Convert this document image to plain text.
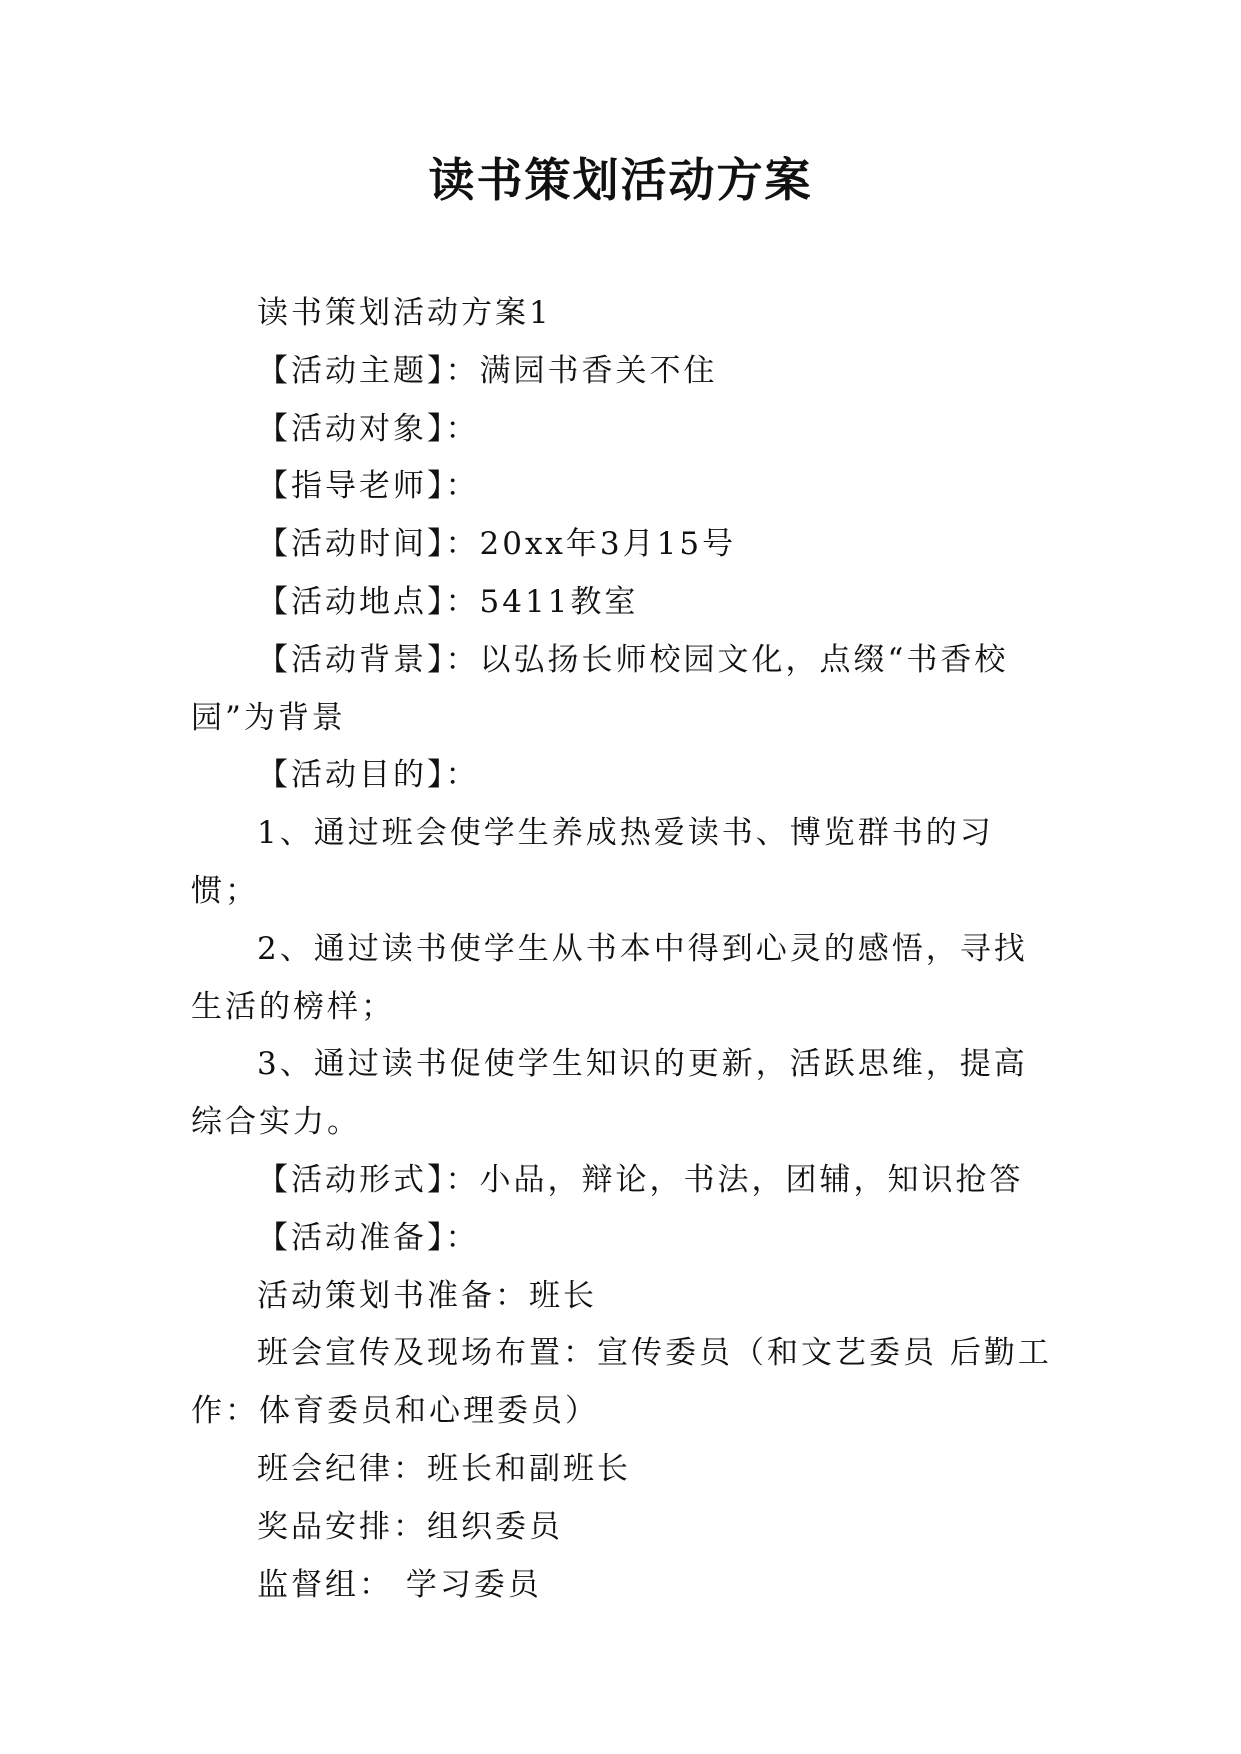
读书策划活动方案

读书策划活动方案1

【活动主题】：满园书香关不住

【活动对象】：

【指导老师】：

【活动时间】：20xx年3月15号

【活动地点】：5411教室

【活动背景】：以弘扬长师校园文化，点缀“书香校园”为背景

【活动目的】：

1、通过班会使学生养成热爱读书、博览群书的习惯；

2、通过读书使学生从书本中得到心灵的感悟，寻找生活的榜样；

3、通过读书促使学生知识的更新，活跃思维，提高综合实力。

【活动形式】：小品，辩论，书法，团辅，知识抢答

【活动准备】：

活动策划书准备：班长

班会宣传及现场布置：宣传委员（和文艺委员 后勤工作：体育委员和心理委员）

班会纪律：班长和副班长

奖品安排：组织委员

监督组： 学习委员
